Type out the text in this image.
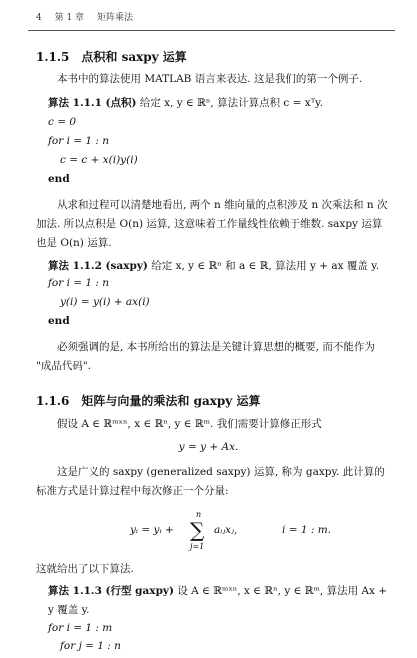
4 第 1 章 矩阵乘法
1.1.5 点积和 saxpy 运算
本书中的算法使用 MATLAB 语言来表达. 这是我们的第一个例子.
算法 1.1.1 (点积) 给定 x, y ∈ ℝⁿ, 算法计算点积 c = xᵀy.
c = 0
for i = 1 : n
c = c + x(i)y(i)
end
从求和过程可以清楚地看出, 两个 n 维向量的点积涉及 n 次乘法和 n 次加法. 所以点积是 O(n) 运算, 这意味着工作量线性依赖于维数. saxpy 运算也是 O(n) 运算.
算法 1.1.2 (saxpy) 给定 x, y ∈ ℝⁿ 和 a ∈ ℝ, 算法用 y + ax 覆盖 y.
for i = 1 : n
y(i) = y(i) + ax(i)
end
必须强调的是, 本书所给出的算法是关键计算思想的概要, 而不能作为 "成品代码".
1.1.6 矩阵与向量的乘法和 gaxpy 运算
假设 A ∈ ℝᵐˣⁿ, x ∈ ℝⁿ, y ∈ ℝᵐ. 我们需要计算修正形式
y = y + Ax.
这是广义的 saxpy (generalized saxpy) 运算, 称为 gaxpy. 此计算的标准方式是计算过程中每次修正一个分量:
yᵢ = yᵢ +
n
∑
j=1
aᵢⱼxⱼ,	i = 1 : m.
这就给出了以下算法.
算法 1.1.3 (行型 gaxpy) 设 A ∈ ℝᵐˣⁿ, x ∈ ℝⁿ, y ∈ ℝᵐ, 算法用 Ax + y 覆盖 y.
for i = 1 : m
for j = 1 : n
